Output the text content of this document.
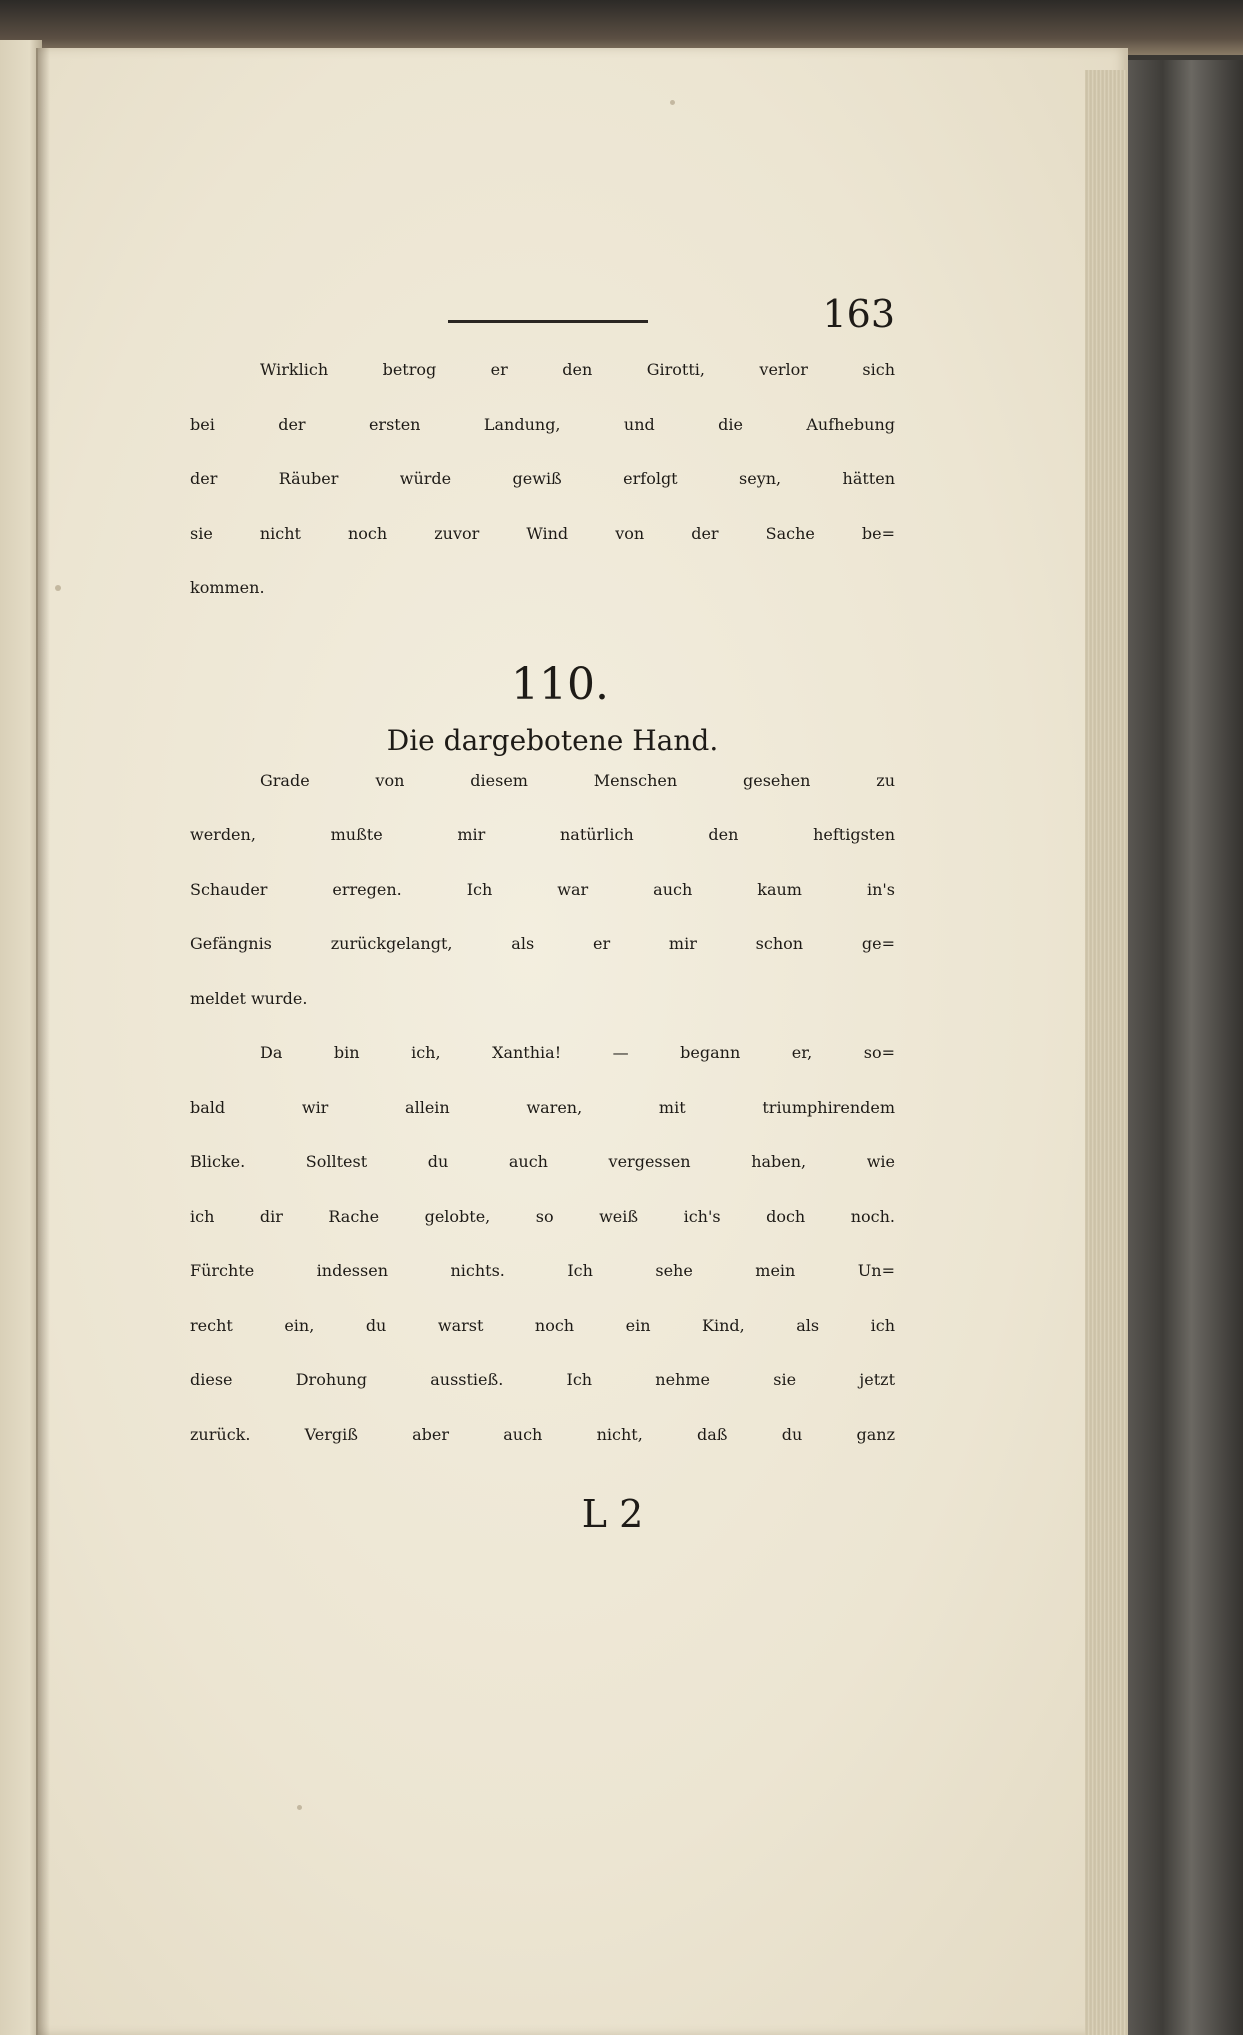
163
Wirklich betrog er den Girotti, verlor sich
bei der ersten Landung, und die Aufhebung
der Räuber würde gewiß erfolgt seyn, hätten
sie nicht noch zuvor Wind von der Sache be=
kommen.
110.
Die dargebotene Hand.
Grade von diesem Menschen gesehen zu
werden, mußte mir natürlich den heftigsten
Schauder erregen. Ich war auch kaum in's
Gefängnis zurückgelangt, als er mir schon ge=
meldet wurde.
Da bin ich, Xanthia! — begann er, so=
bald wir allein waren, mit triumphirendem
Blicke. Solltest du auch vergessen haben, wie
ich dir Rache gelobte, so weiß ich's doch noch.
Fürchte indessen nichts. Ich sehe mein Un=
recht ein, du warst noch ein Kind, als ich
diese Drohung ausstieß. Ich nehme sie jetzt
zurück. Vergiß aber auch nicht, daß du ganz
L 2
